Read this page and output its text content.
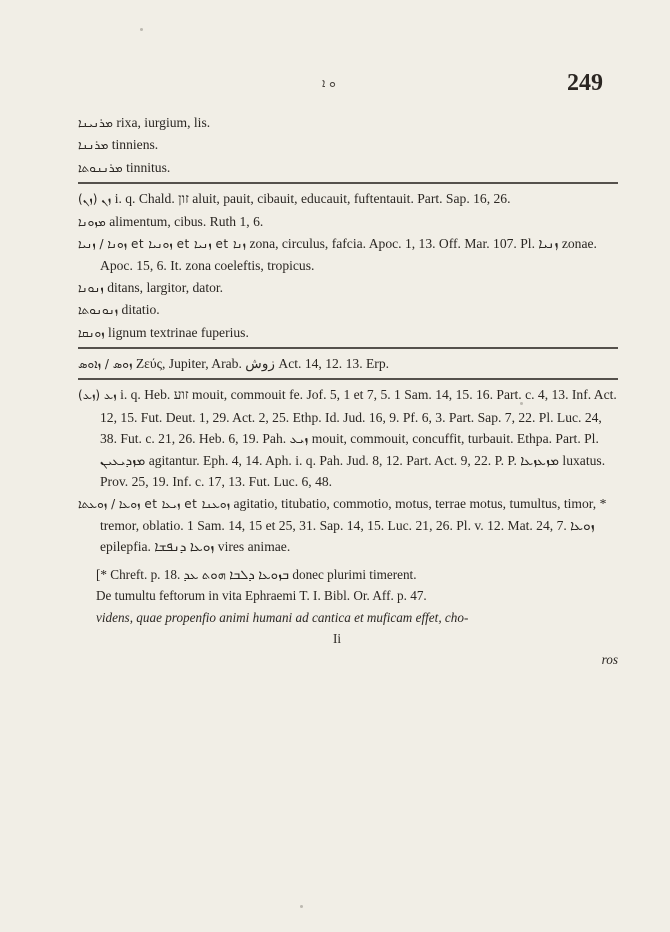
ܘ ܐ	249

ܡܪܢܝܢܐ rixa, iurgium, lis.

ܡܪܢܢܐ tinniens.

ܡܪܢܢܘܬܐ tinnitus.

(ܙܢ) ܙܢ i. q. Chald. זון aluit, pauit, cibauit, educauit, fuftentauit. Part. Sap. 16, 26.

ܡܙܘܢܐ alimentum, cibus. Ruth 1, 6.

ܙܘܢܐ / ܙܢܝܐ et ܙܘܢܝܐ et ܙܢܝܐ et ܙܢܐ zona, circulus, fafcia. Apoc. 1, 13. Off. Mar. 107. Pl. ܙܢܝܐ zonae. Apoc. 15, 6. It. zona coeleftis, tropicus.

ܙܢܘܢܐ ditans, largitor, dator.

ܙܢܘܢܘܬܐ ditatio.

ܙܘܢܩܐ lignum textrinae fuperius.

ܙܘܣ / ܙܐܘܣ Ζεύς, Jupiter, Arab. زوش Act. 14, 12. 13. Erp.

(ܙܥ) ܙܥ i. q. Heb. זוע mouit, commouit fe. Jof. 5, 1 et 7, 5. 1 Sam. 14, 15. 16. Part. c. 4, 13. Inf. Act. 12, 15. Fut. Deut. 1, 29. Act. 2, 25. Ethp. Id. Jud. 16, 9. Pf. 6, 3. Part. Sap. 7, 22. Pl. Luc. 24, 38. Fut. c. 21, 26. Heb. 6, 19. Pah. ܙܝܥ mouit, commouit, concuffit, turbauit. Ethpa. Part. Pl. ܡܙܕܝܥܝܢ agitantur. Eph. 4, 14. Aph. i. q. Pah. Jud. 8, 12. Part. Act. 9, 22. P. P. ܡܙܥܙܥܐ luxatus. Prov. 25, 19. Inf. c. 17, 13. Fut. Luc. 6, 48.

ܙܘܥܐ / ܙܘܥܬܐ et ܙܝܥܐ et ܙܘܥܢܐ agitatio, titubatio, commotio, motus, terrae motus, tumultus, timor, * tremor, oblatio. 1 Sam. 14, 15 et 25, 31. Sap. 14, 15. Luc. 21, 26. Pl. v. 12. Mat. 24, 7. ܙܘܥܐ epilepfia. ܙܘܥܐ ܕܢܦܫܐ vires animae.

[* Chreft. p. 18. ܒܙܘܥܐ ܕܠܒܐ ܗܘܬ ܥܕ donec plurimi timerent.

De tumultu feftorum in vita Ephraemi T. I. Bibl. Or. Aff. p. 47.

videns, quae propenfio animi humani ad cantica et muficam effet, cho-

Ii

ros
